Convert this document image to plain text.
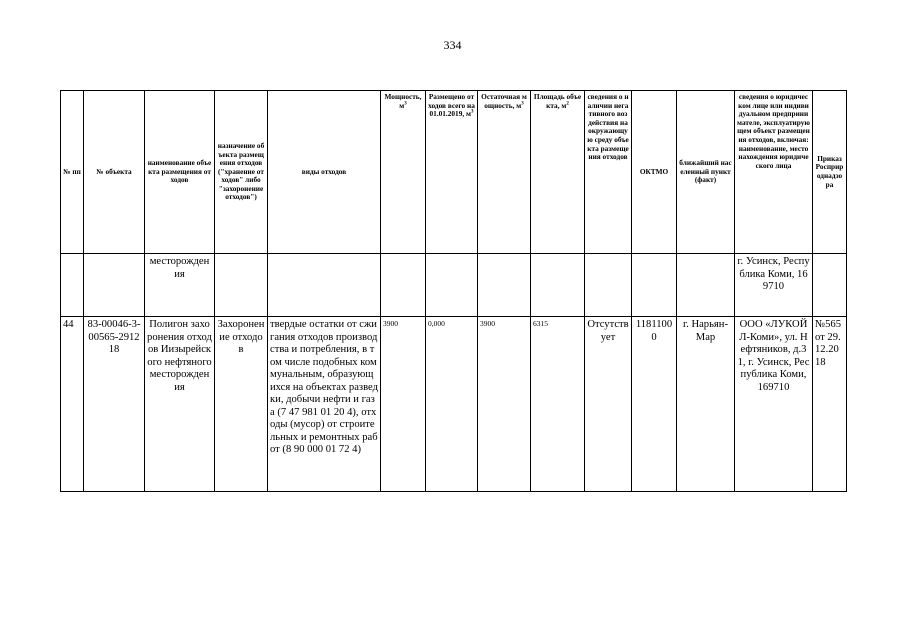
334
№ пп	№ объекта	наименование объекта размещения отходов	назначение объекта размещения отходов ("хранение отходов" либо "захоронение отходов")	виды отходов	Мощность, $м^3$	Размещено отходов всего на 01.01.2019, $м^3$	Остаточная мощность, $м^3$	Площадь объекта, $м^2$	сведения о наличии негативного воздействия на окружающую среду объекта размещения отходов	ОКТМО	ближайший населенный пункт (факт)	сведения о юридическом лице или индивидуальном предпринимателе, эксплуатирующем объект размещения отходов, включая: наименование, место нахождения юридического лица	Приказ Росприроднадзора
		месторождения										г. Усинск, Республика Коми, 169710	
44	83-00046-3-00565-291218	Полигон захоронения отходов Иизырейского нефтяного месторождения	Захоронение отходов	твердые остатки от сжигания отходов производства и потребления, в том числе подобных коммунальным, образующихся на объектах разведки, добычи нефти и газа (7 47 981 01 20 4), отходы (мусор) от строительных и ремонтных работ (8 90 000 01 72 4)	3900	0,000	3900	6315	Отсутствует	11811000	г. Нарьян-Мар	ООО «ЛУКОЙЛ-Коми», ул. Нефтяников, д.31, г. Усинск, Республика Коми, 169710	№565 от 29.12.2018
